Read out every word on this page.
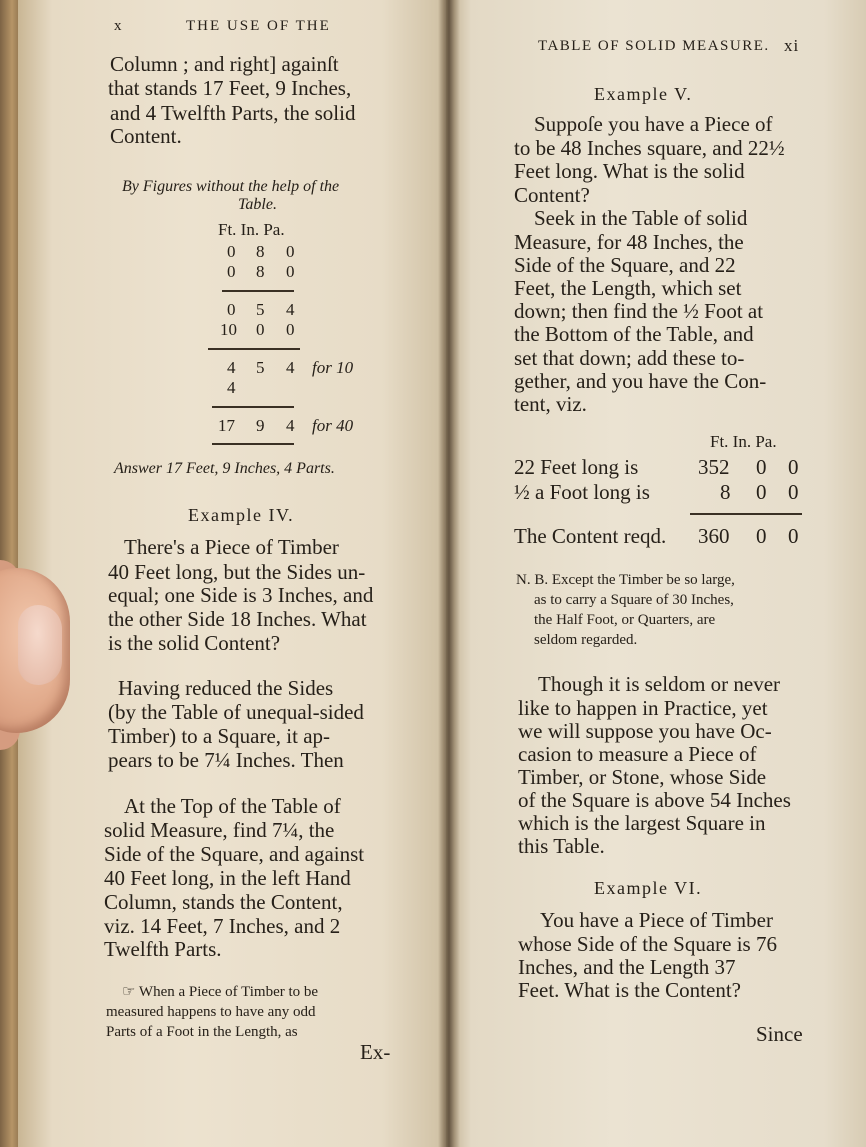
x	THE USE OF THE
Column ; and right] againſt
that stands 17 Feet, 9 Inches,
and 4 Twelfth Parts, the solid
Content.
By Figures without the help of the
Table.
Ft. In. Pa.
0 8 0
0 8 0
0 5 4
10 0 0
4 5 4 for 10
4
17 9 4 for 40
Answer 17 Feet, 9 Inches, 4 Parts.
Example IV.
There's a Piece of Timber
40 Feet long, but the Sides un-
equal; one Side is 3 Inches, and
the other Side 18 Inches. What
is the solid Content?
Having reduced the Sides
(by the Table of unequal-sided
Timber) to a Square, it ap-
pears to be 7¼ Inches. Then
At the Top of the Table of
solid Measure, find 7¼, the
Side of the Square, and against
40 Feet long, in the left Hand
Column, stands the Content,
viz. 14 Feet, 7 Inches, and 2
Twelfth Parts.
☞ When a Piece of Timber to be
measured happens to have any odd
Parts of a Foot in the Length, as
Ex-
TABLE OF SOLID MEASURE. xi
Example V.
Suppoſe you have a Piece of
to be 48 Inches square, and 22½
Feet long. What is the solid
Content?
Seek in the Table of solid
Measure, for 48 Inches, the
Side of the Square, and 22
Feet, the Length, which set
down; then find the ½ Foot at
the Bottom of the Table, and
set that down; add these to-
gether, and you have the Con-
tent, viz.
Ft. In. Pa.
22 Feet long is	352 0 0
½ a Foot long is	8 0 0
The Content reqd. 360 0 0
N. B. Except the Timber be so large,
as to carry a Square of 30 Inches,
the Half Foot, or Quarters, are
seldom regarded.
Though it is seldom or never
like to happen in Practice, yet
we will suppose you have Oc-
casion to measure a Piece of
Timber, or Stone, whose Side
of the Square is above 54 Inches
which is the largest Square in
this Table.
Example VI.
You have a Piece of Timber
whose Side of the Square is 76
Inches, and the Length 37
Feet. What is the Content?
Since
